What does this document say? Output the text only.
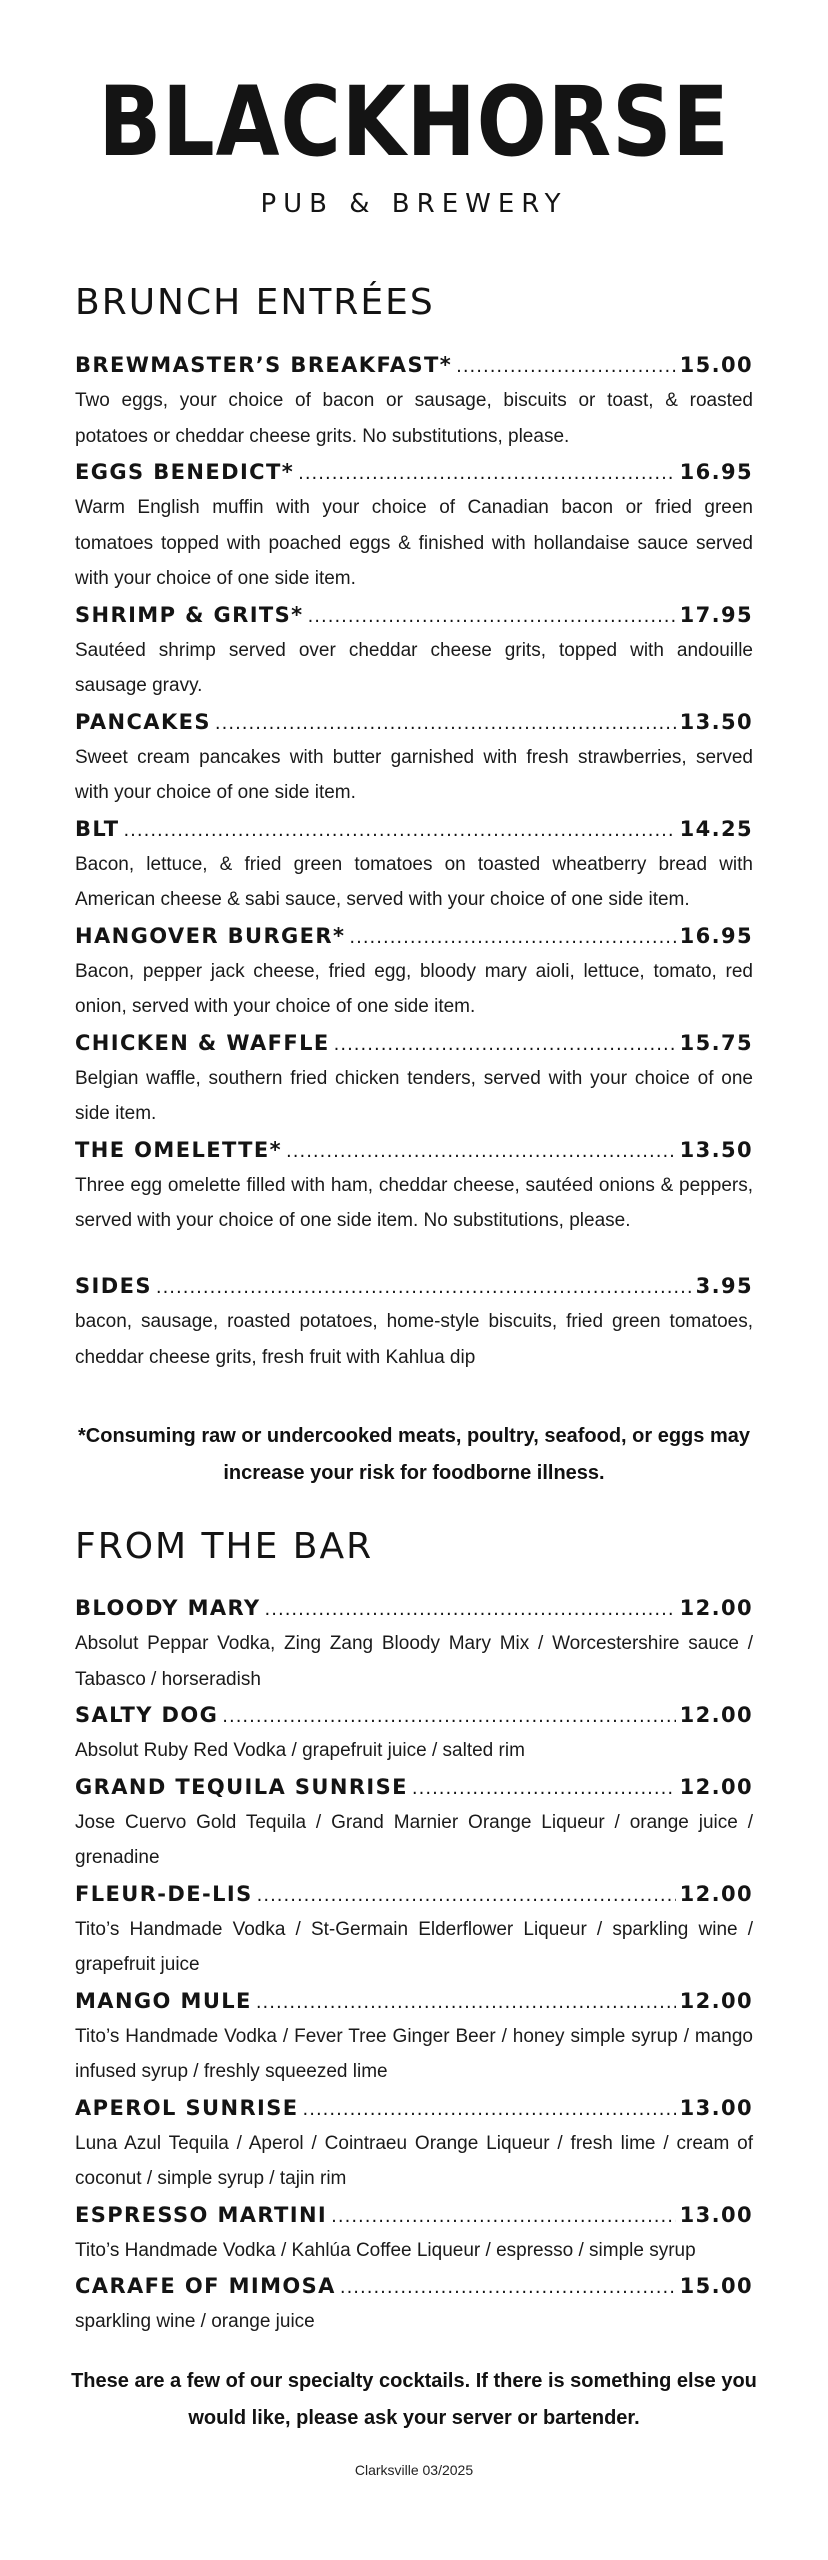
BLACKHORSE
PUB & BREWERY
BRUNCH ENTRÉES
BREWMASTER’S BREAKFAST* .....	15.00

Two eggs, your choice of bacon or sausage, biscuits or toast, & roasted potatoes or cheddar cheese grits. No substitutions, please.

EGGS BENEDICT* .....	16.95

Warm English muffin with your choice of Canadian bacon or fried green tomatoes topped with poached eggs & finished with hollandaise sauce served with your choice of one side item.

SHRIMP & GRITS* .....	17.95

Sautéed shrimp served over cheddar cheese grits, topped with andouille sausage gravy.

PANCAKES .....	13.50

Sweet cream pancakes with butter garnished with fresh strawberries, served with your choice of one side item.

BLT .....	14.25

Bacon, lettuce, & fried green tomatoes on toasted wheatberry bread with American cheese & sabi sauce, served with your choice of one side item.

HANGOVER BURGER* .....	16.95

Bacon, pepper jack cheese, fried egg, bloody mary aioli, lettuce, tomato, red onion, served with your choice of one side item.

CHICKEN & WAFFLE .....	15.75

Belgian waffle, southern fried chicken tenders, served with your choice of one side item.

THE OMELETTE* .....	13.50

Three egg omelette filled with ham, cheddar cheese, sautéed onions & peppers, served with your choice of one side item. No substitutions, please.

SIDES .....	3.95

bacon, sausage, roasted potatoes, home-style biscuits, fried green tomatoes, cheddar cheese grits, fresh fruit with Kahlua dip

*Consuming raw or undercooked meats, poultry, seafood, or eggs may increase your risk for foodborne illness.

FROM THE BAR
BLOODY MARY .....	12.00

Absolut Peppar Vodka, Zing Zang Bloody Mary Mix / Worcestershire sauce / Tabasco / horseradish

SALTY DOG .....	12.00

Absolut Ruby Red Vodka / grapefruit juice / salted rim

GRAND TEQUILA SUNRISE .....	12.00

Jose Cuervo Gold Tequila / Grand Marnier Orange Liqueur / orange juice / grenadine

FLEUR-DE-LIS .....	12.00

Tito’s Handmade Vodka / St-Germain Elderflower Liqueur / sparkling wine / grapefruit juice

MANGO MULE .....	12.00

Tito’s Handmade Vodka / Fever Tree Ginger Beer / honey simple syrup / mango infused syrup / freshly squeezed lime

APEROL SUNRISE .....	13.00

Luna Azul Tequila / Aperol / Cointraeu Orange Liqueur / fresh lime / cream of coconut / simple syrup / tajin rim

ESPRESSO MARTINI .....	13.00

Tito’s Handmade Vodka / Kahlúa Coffee Liqueur / espresso / simple syrup

CARAFE OF MIMOSA .....	15.00

sparkling wine / orange juice

These are a few of our specialty cocktails. If there is something else you would like, please ask your server or bartender.

Clarksville 03/2025
